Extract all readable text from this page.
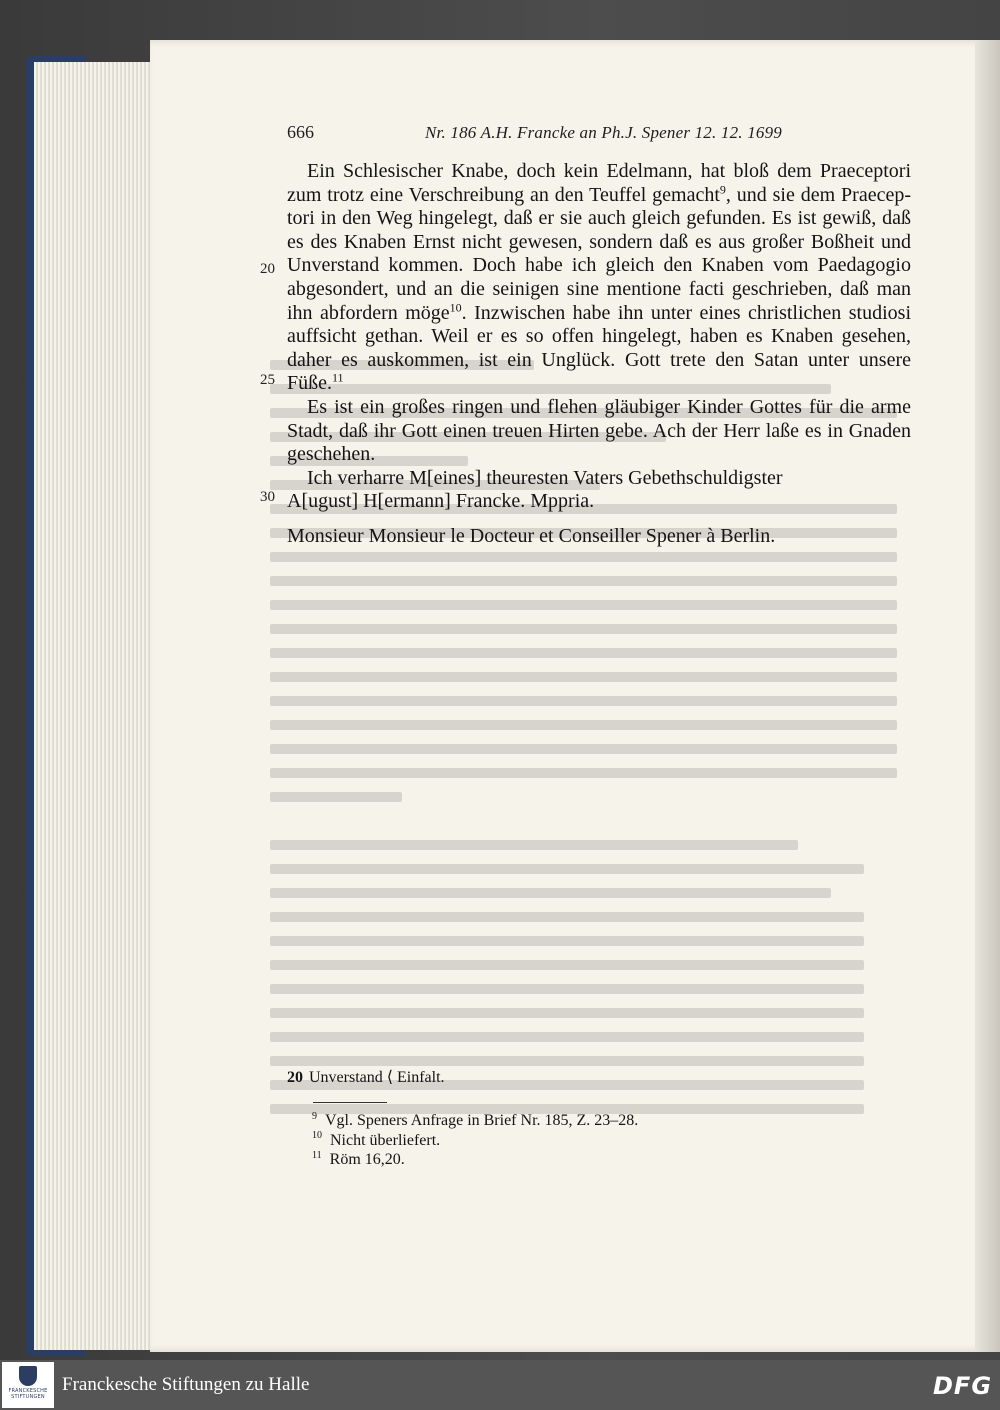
666	Nr. 186 A.H. Francke an Ph.J. Spener 12. 12. 1699
20
25
30
Ein Schlesischer Knabe, doch kein Edelmann, hat bloß dem Praeceptori
zum trotz eine Verschreibung an den Teuffel gemacht$^9$, und sie dem Praecep-
tori in den Weg hingelegt, daß er sie auch gleich gefunden. Es ist gewiß, daß
es des Knaben Ernst nicht gewesen, sondern daß es aus großer Boßheit und
Unverstand kommen. Doch habe ich gleich den Knaben vom Paedagogio
abgesondert, und an die seinigen sine mentione facti geschrieben, daß man
ihn abfordern möge$^{10}$. Inzwischen habe ihn unter eines christlichen studiosi
auffsicht gethan. Weil er es so offen hingelegt, haben es Knaben gesehen,
daher es auskommen, ist ein Unglück. Gott trete den Satan unter unsere
Füße.$^{11}$
Es ist ein großes ringen und flehen gläubiger Kinder Gottes für die arme
Stadt, daß ihr Gott einen treuen Hirten gebe. Ach der Herr laße es in Gnaden
geschehen.
Ich verharre M[eines] theuresten Vaters Gebethschuldigster
A[ugust] H[ermann] Francke. Mppria.
Monsieur Monsieur le Docteur et Conseiller Spener à Berlin.
20 Unverstand ⟨ Einfalt.
$^9$ Vgl. Speners Anfrage in Brief Nr. 185, Z. 23–28.
$^{10}$ Nicht überliefert.
$^{11}$ Röm 16,20.
FRANCKESCHE
STIFTUNGEN
Franckesche Stiftungen zu Halle	DFG
